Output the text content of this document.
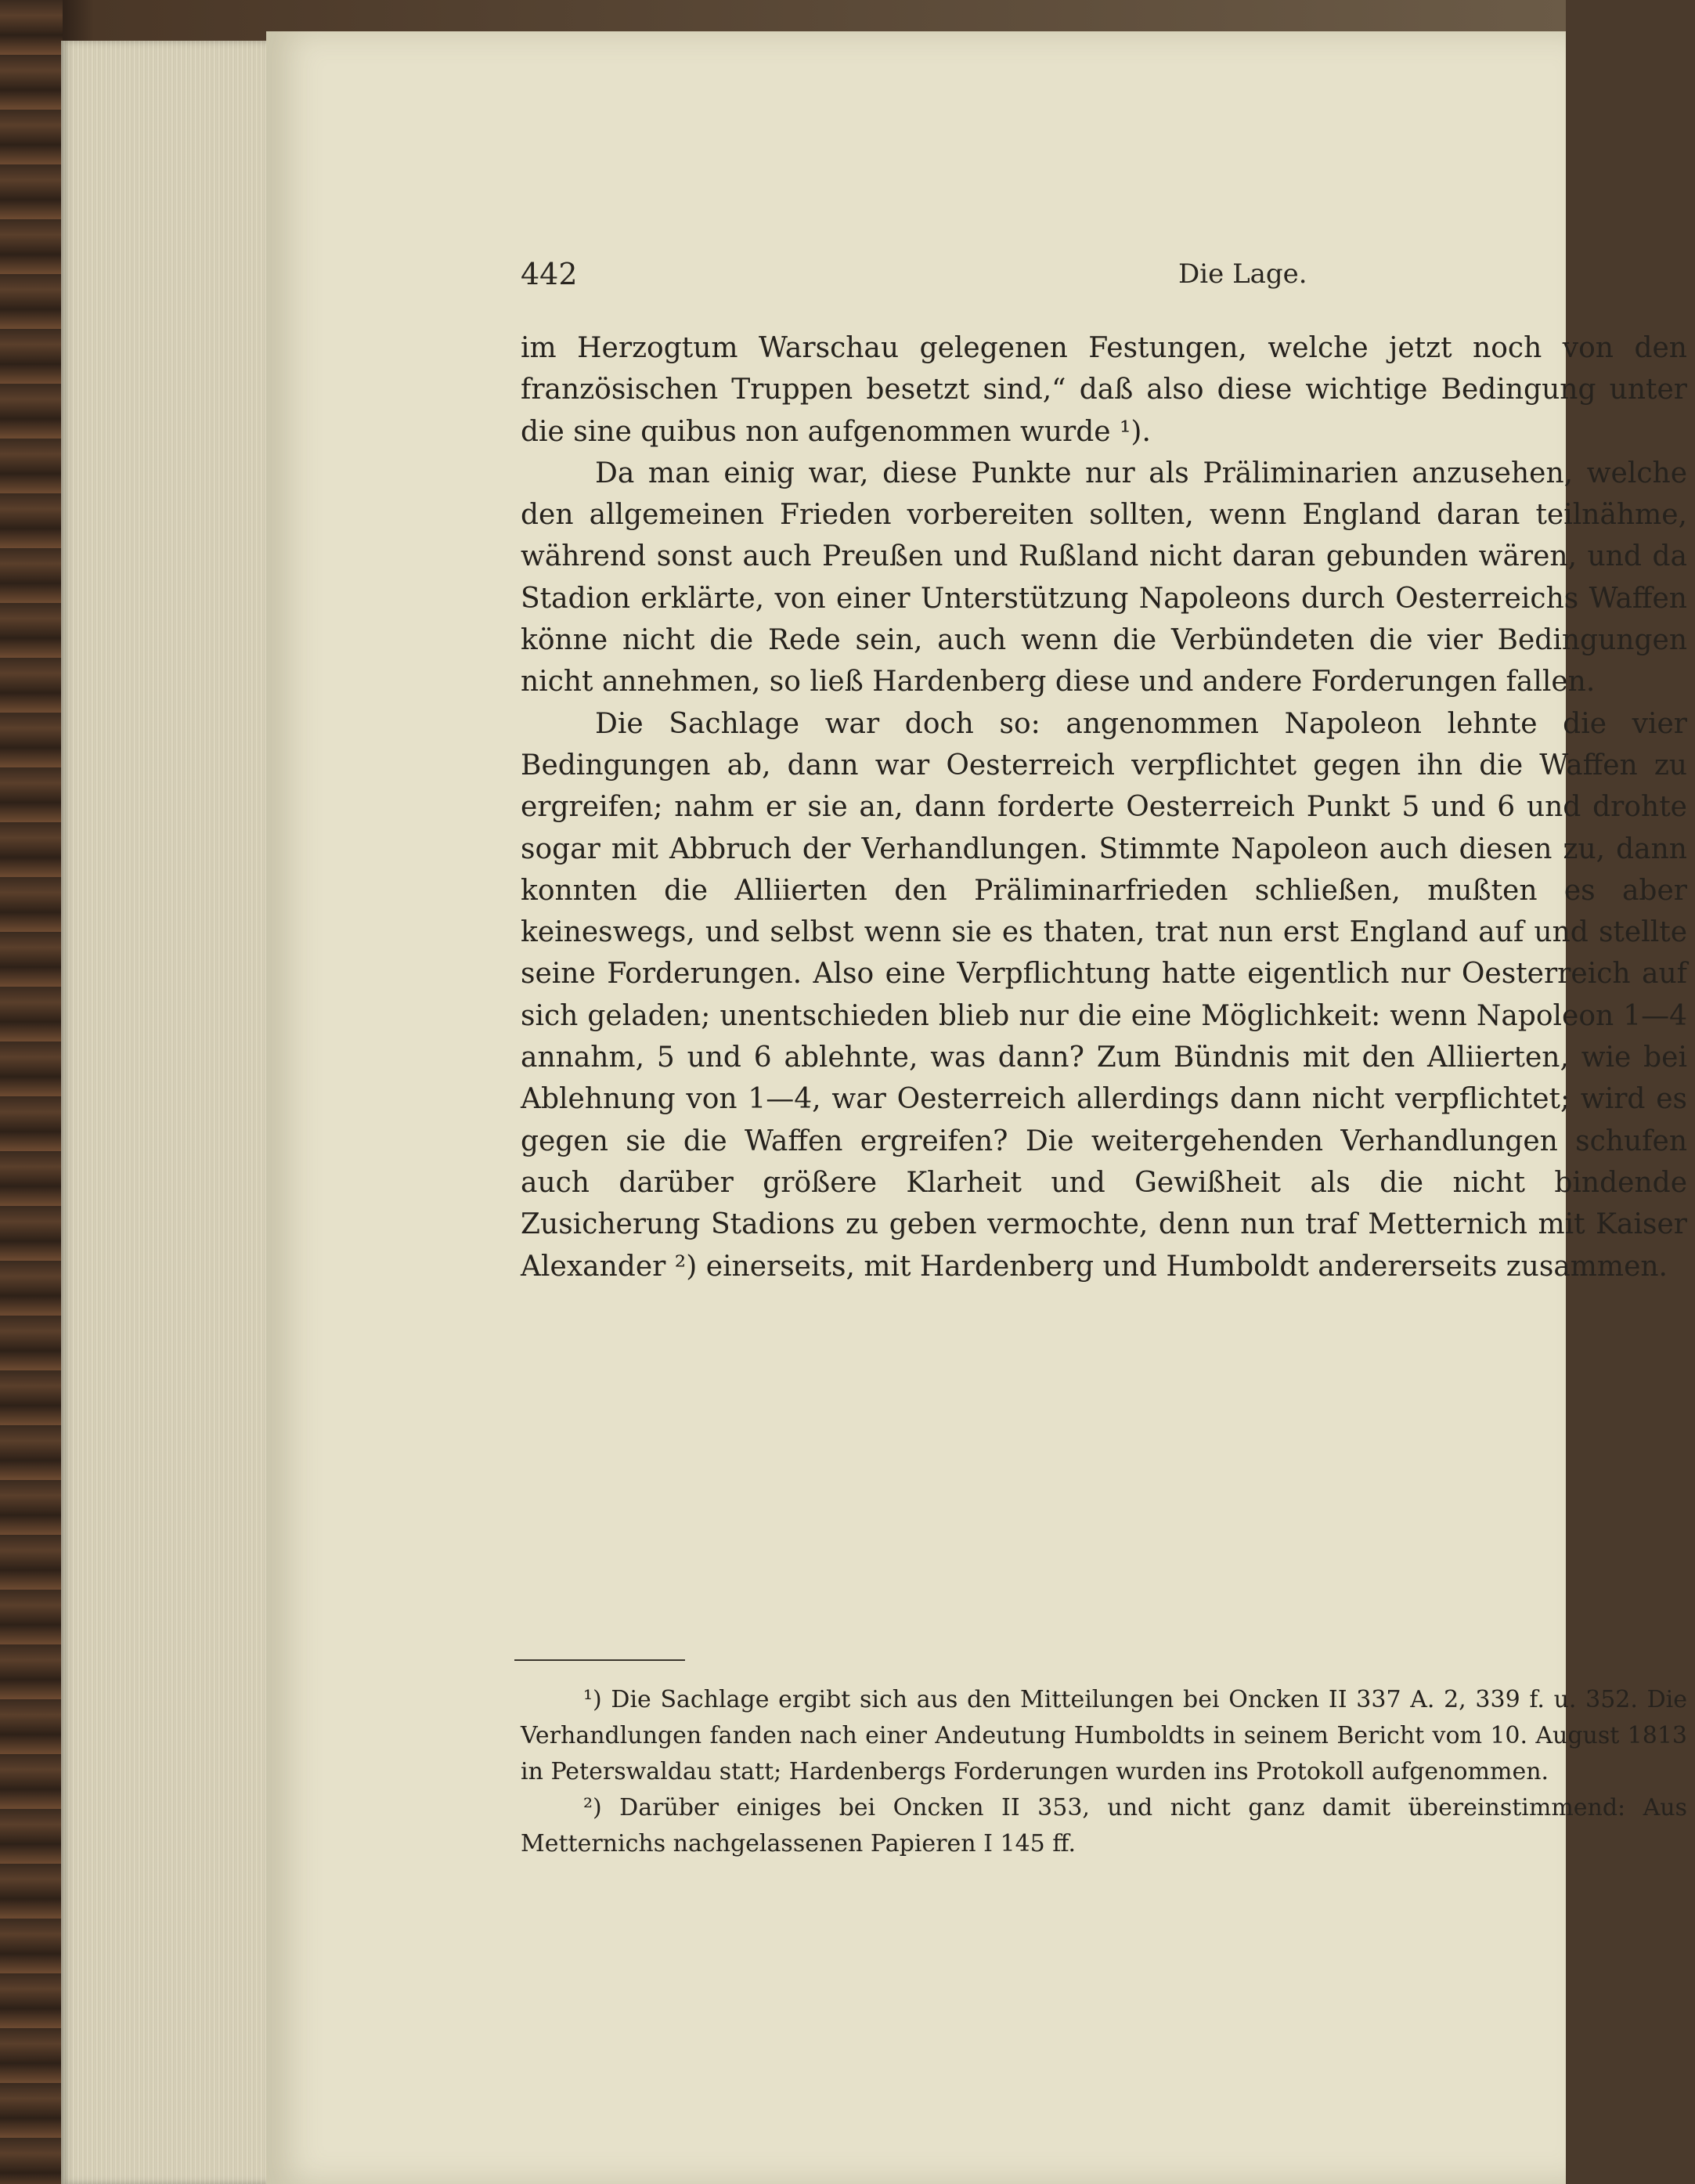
442	Die Lage.

im Herzogtum Warschau gelegenen Festungen, welche jetzt noch von den französischen Truppen besetzt sind,“ daß also diese wichtige Bedingung unter die sine quibus non aufgenommen wurde ¹).

Da man einig war, diese Punkte nur als Präliminarien anzusehen, welche den allgemeinen Frieden vorbereiten sollten, wenn England daran teilnähme, während sonst auch Preußen und Rußland nicht daran gebunden wären, und da Stadion erklärte, von einer Unterstützung Napoleons durch Oesterreichs Waffen könne nicht die Rede sein, auch wenn die Verbündeten die vier Bedingungen nicht annehmen, so ließ Hardenberg diese und andere Forderungen fallen.

Die Sachlage war doch so: angenommen Napoleon lehnte die vier Bedingungen ab, dann war Oesterreich verpflichtet gegen ihn die Waffen zu ergreifen; nahm er sie an, dann forderte Oesterreich Punkt 5 und 6 und drohte sogar mit Abbruch der Verhandlungen. Stimmte Napoleon auch diesen zu, dann konnten die Alliierten den Präliminarfrieden schließen, mußten es aber keineswegs, und selbst wenn sie es thaten, trat nun erst England auf und stellte seine Forderungen. Also eine Verpflichtung hatte eigentlich nur Oesterreich auf sich geladen; unentschieden blieb nur die eine Möglichkeit: wenn Napoleon 1—4 annahm, 5 und 6 ablehnte, was dann? Zum Bündnis mit den Alliierten, wie bei Ablehnung von 1—4, war Oesterreich allerdings dann nicht verpflichtet; wird es gegen sie die Waffen ergreifen? Die weitergehenden Verhandlungen schufen auch darüber größere Klarheit und Gewißheit als die nicht bindende Zusicherung Stadions zu geben vermochte, denn nun traf Metternich mit Kaiser Alexander ²) einerseits, mit Hardenberg und Humboldt andererseits zusammen.

¹) Die Sachlage ergibt sich aus den Mitteilungen bei Oncken II 337 A. 2, 339 f. u. 352. Die Verhandlungen fanden nach einer Andeutung Humboldts in seinem Bericht vom 10. August 1813 in Peterswaldau statt; Hardenbergs Forderungen wurden ins Protokoll aufgenommen.

²) Darüber einiges bei Oncken II 353, und nicht ganz damit übereinstimmend: Aus Metternichs nachgelassenen Papieren I 145 ff.
